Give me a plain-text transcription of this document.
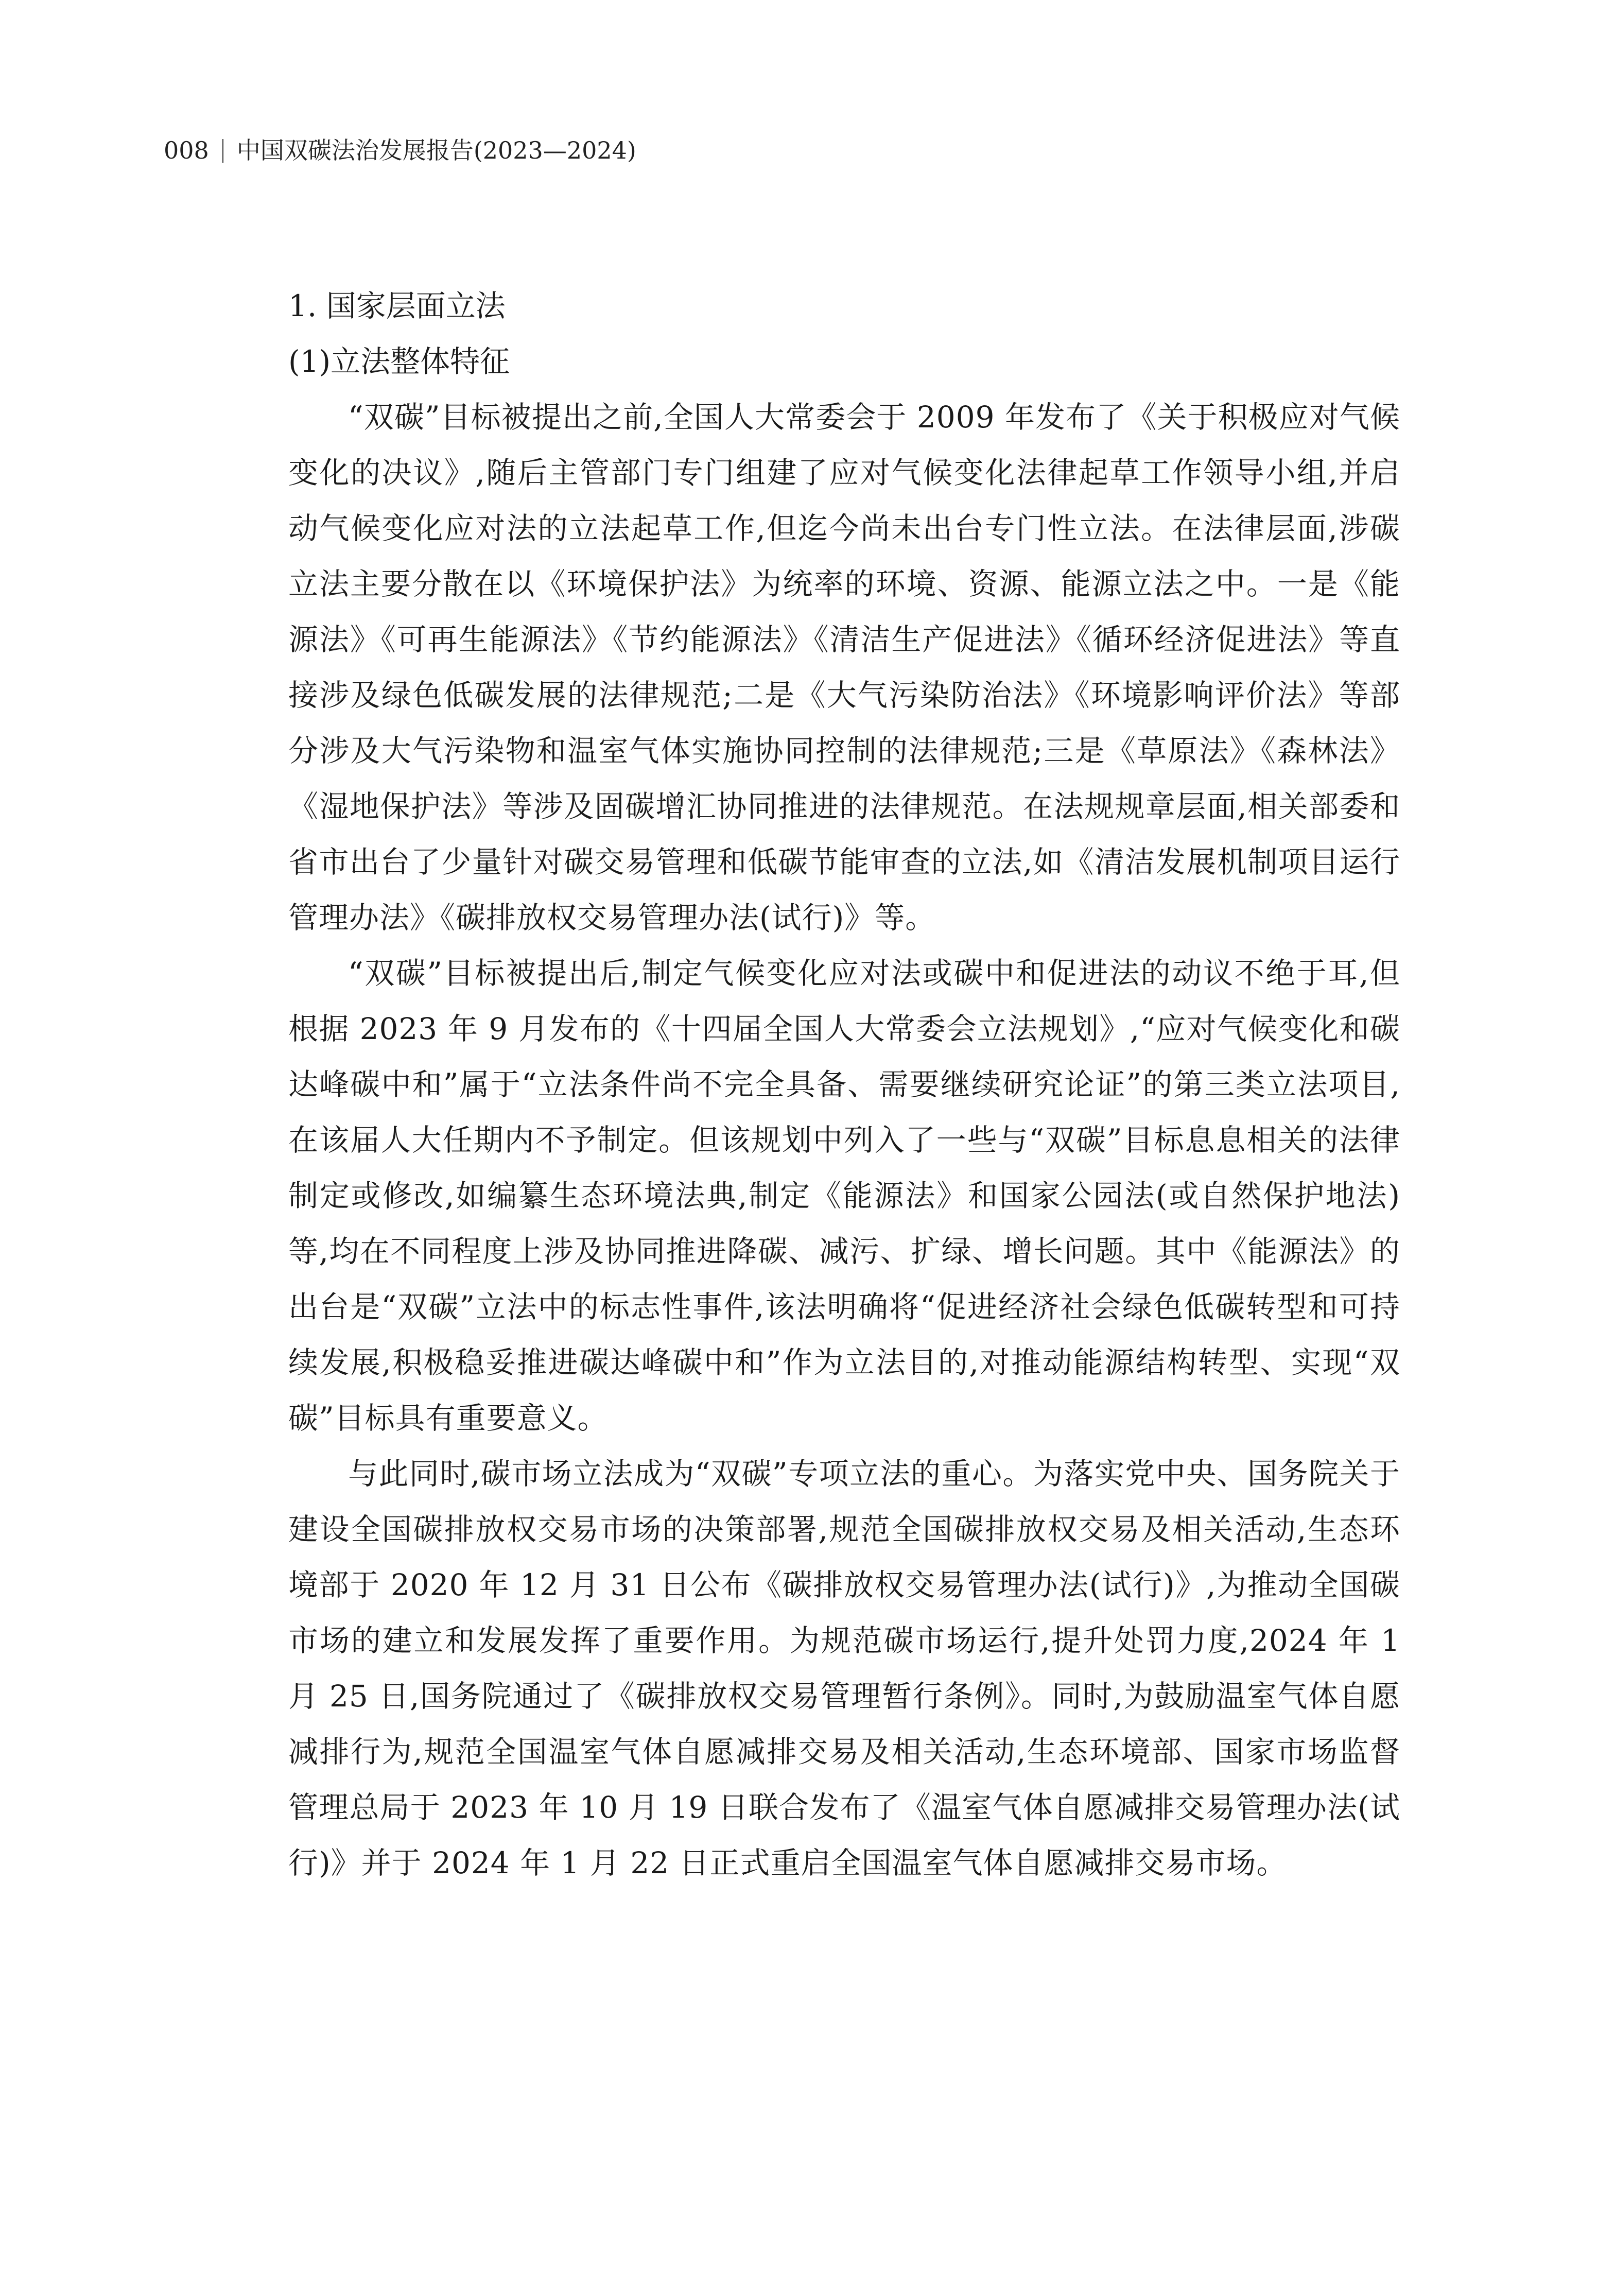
008 中国双碳法治发展报告(2023—2024)
1. 国家层面立法
(1)立法整体特征

“双碳”目标被提出之前,全国人大常委会于 2009 年发布了《关于积极应对气候变化的决议》,随后主管部门专门组建了应对气候变化法律起草工作领导小组,并启动气候变化应对法的立法起草工作,但迄今尚未出台专门性立法。在法律层面,涉碳立法主要分散在以《环境保护法》为统率的环境、资源、能源立法之中。一是《能源法》《可再生能源法》《节约能源法》《清洁生产促进法》《循环经济促进法》等直接涉及绿色低碳发展的法律规范;二是《大气污染防治法》《环境影响评价法》等部分涉及大气污染物和温室气体实施协同控制的法律规范;三是《草原法》《森林法》《湿地保护法》等涉及固碳增汇协同推进的法律规范。在法规规章层面,相关部委和省市出台了少量针对碳交易管理和低碳节能审查的立法,如《清洁发展机制项目运行管理办法》《碳排放权交易管理办法(试行)》等。

“双碳”目标被提出后,制定气候变化应对法或碳中和促进法的动议不绝于耳,但根据 2023 年 9 月发布的《十四届全国人大常委会立法规划》,“应对气候变化和碳达峰碳中和”属于“立法条件尚不完全具备、需要继续研究论证”的第三类立法项目,在该届人大任期内不予制定。但该规划中列入了一些与“双碳”目标息息相关的法律制定或修改,如编纂生态环境法典,制定《能源法》和国家公园法(或自然保护地法)等,均在不同程度上涉及协同推进降碳、减污、扩绿、增长问题。其中《能源法》的出台是“双碳”立法中的标志性事件,该法明确将“促进经济社会绿色低碳转型和可持续发展,积极稳妥推进碳达峰碳中和”作为立法目的,对推动能源结构转型、实现“双碳”目标具有重要意义。

与此同时,碳市场立法成为“双碳”专项立法的重心。为落实党中央、国务院关于建设全国碳排放权交易市场的决策部署,规范全国碳排放权交易及相关活动,生态环境部于 2020 年 12 月 31 日公布《碳排放权交易管理办法(试行)》,为推动全国碳市场的建立和发展发挥了重要作用。为规范碳市场运行,提升处罚力度,2024 年 1 月 25 日,国务院通过了《碳排放权交易管理暂行条例》。同时,为鼓励温室气体自愿减排行为,规范全国温室气体自愿减排交易及相关活动,生态环境部、国家市场监督管理总局于 2023 年 10 月 19 日联合发布了《温室气体自愿减排交易管理办法(试行)》并于 2024 年 1 月 22 日正式重启全国温室气体自愿减排交易市场。
